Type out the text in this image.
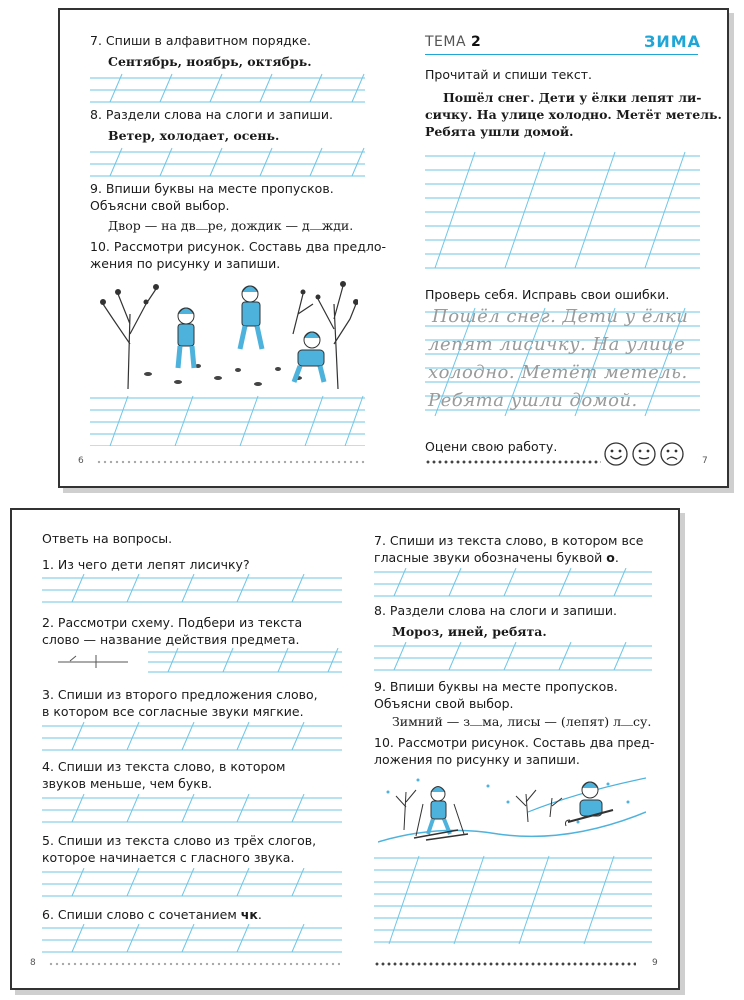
7. Спиши в алфавитном порядке.
Сентябрь, ноябрь, октябрь.
8. Раздели слова на слоги и запиши.
Ветер, холодает, осень.
9. Впиши буквы на месте пропусков.
Объясни свой выбор.
Двор — на дв ре, дождик — д жди.
10. Рассмотри рисунок. Составь два предло-
жения по рисунку и запиши.
6
ТЕМА 2	ЗИМА
Прочитай и спиши текст.
Пошёл снег. Дети у ёлки лепят ли-
сичку. На улице холодно. Метёт метель.
Ребята ушли домой.
Проверь себя. Исправь свои ошибки.
Пошёл снег. Дети у ёлки
лепят лисичку. На улице
холодно. Метёт метель.
Ребята ушли домой.
Оцени свою работу.
7
Ответь на вопросы.
1. Из чего дети лепят лисичку?
2. Рассмотри схему. Подбери из текста
слово — название действия предмета.
3. Спиши из второго предложения слово,
в котором все согласные звуки мягкие.
4. Спиши из текста слово, в котором
звуков меньше, чем букв.
5. Спиши из текста слово из трёх слогов,
которое начинается с гласного звука.
6. Спиши слово с сочетанием чк.
8
7. Спиши из текста слово, в котором все
гласные звуки обозначены буквой о.
8. Раздели слова на слоги и запиши.
Мороз, иней, ребята.
9. Впиши буквы на месте пропусков.
Объясни свой выбор.
Зимний — з ма, лисы — (лепят) л су.
10. Рассмотри рисунок. Составь два пред-
ложения по рисунку и запиши.
9
